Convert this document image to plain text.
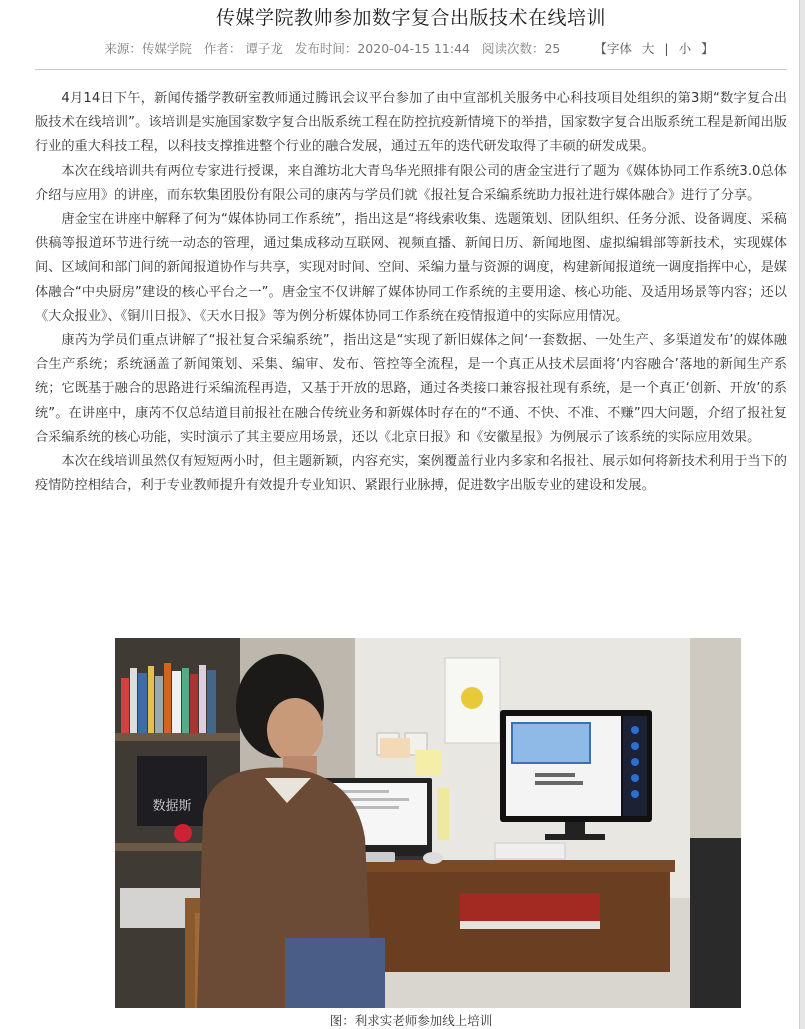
传媒学院教帅参加数字复合出版技术在线培训
来源：传媒学院 作者： 谭子龙 发布时间：2020-04-15 11:44 阅读次数：25	【字体 大 | 小 】

4月14日下午，新闻传播学教研室教师通过腾讯会议平台参加了由中宣部机关服务中心科技项目处组织的第3期“数字复合出版技术在线培训”。该培训是实施国家数字复合出版系统工程在防控抗疫新情境下的举措，国家数字复合出版系统工程是新闻出版行业的重大科技工程，以科技支撑推进整个行业的融合发展，通过五年的迭代研发取得了丰硕的研发成果。

本次在线培训共有两位专家进行授课，来自潍坊北大青鸟华光照排有限公司的唐金宝进行了题为《媒体协同工作系统3.0总体介绍与应用》的讲座，而东软集团股份有限公司的康芮与学员们就《报社复合采编系统助力报社进行媒体融合》进行了分享。

唐金宝在讲座中解释了何为“媒体协同工作系统”，指出这是“将线索收集、选题策划、团队组织、任务分派、设备调度、采稿供稿等报道环节进行统一动态的管理，通过集成移动互联网、视频直播、新闻日历、新闻地图、虚拟编辑部等新技术，实现媒体间、区域间和部门间的新闻报道协作与共享，实现对时间、空间、采编力量与资源的调度，构建新闻报道统一调度指挥中心，是媒体融合“中央厨房”建设的核心平台之一”。唐金宝不仅讲解了媒体协同工作系统的主要用途、核心功能、及适用场景等内容；还以《大众报业》、《铜川日报》、《天水日报》等为例分析媒体协同工作系统在疫情报道中的实际应用情况。

康芮为学员们重点讲解了“报社复合采编系统”，指出这是“实现了新旧媒体之间‘一套数据、一处生产、多渠道发布’的媒体融合生产系统；系统涵盖了新闻策划、采集、编审、发布、管控等全流程，是一个真正从技术层面将‘内容融合’落地的新闻生产系统；它既基于融合的思路进行采编流程再造，又基于开放的思路，通过各类接口兼容报社现有系统，是一个真正‘创新、开放’的系统”。在讲座中，康芮不仅总结道目前报社在融合传统业务和新媒体时存在的“不通、不快、不准、不赚”四大问题，介绍了报社复合采编系统的核心功能，实时演示了其主要应用场景，还以《北京日报》和《安徽星报》为例展示了该系统的实际应用效果。

本次在线培训虽然仅有短短两小时，但主题新颖，内容充实，案例覆盖行业内多家和名报社、展示如何将新技术利用于当下的疫情防控相结合，利于专业教师提升有效提升专业知识、紧跟行业脉搏，促进数字出版专业的建设和发展。

数据斯
图：利求实老师参加线上培训
